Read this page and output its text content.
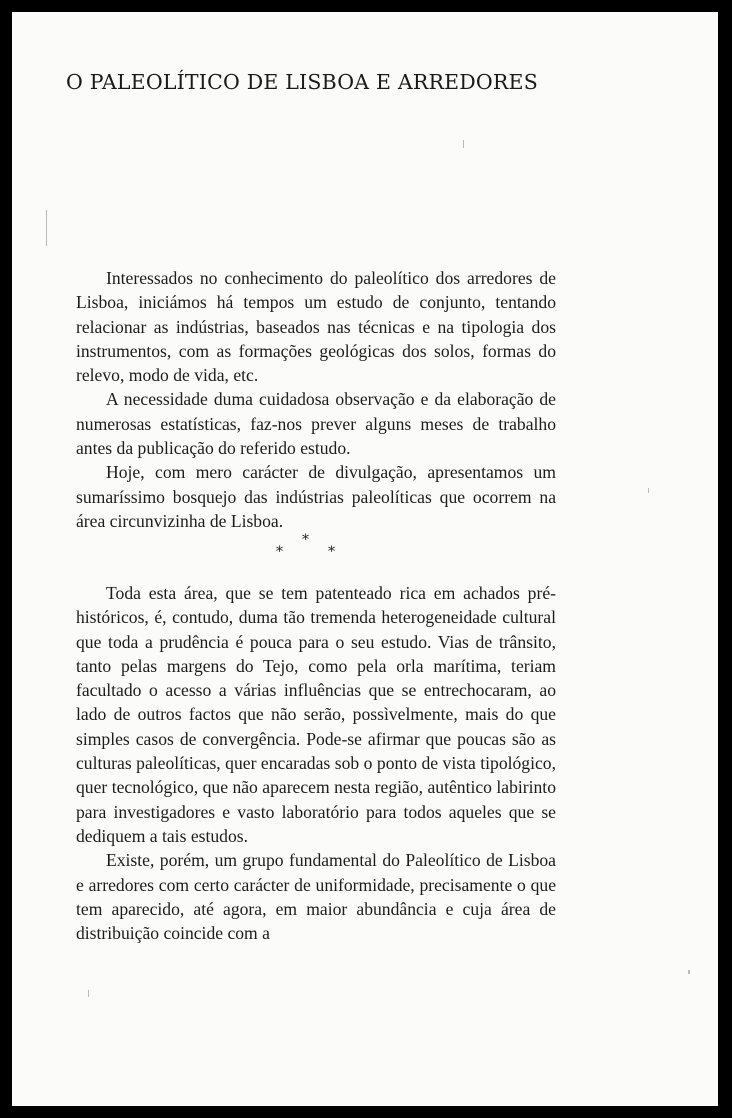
O PALEOLÍTICO DE LISBOA E ARREDORES

Interessados no conhecimento do paleolítico dos arredores de Lisboa, iniciámos há tempos um estudo de conjunto, tentando relacionar as indústrias, baseados nas técnicas e na tipologia dos instrumentos, com as formações geológicas dos solos, formas do relevo, modo de vida, etc.

A necessidade duma cuidadosa observação e da elaboração de numerosas estatísticas, faz-nos prever alguns meses de trabalho antes da publicação do referido estudo.

Hoje, com mero carácter de divulgação, apresentamos um sumaríssimo bosquejo das indústrias paleolíticas que ocorrem na área circunvizinha de Lisboa.

*
*
*

Toda esta área, que se tem patenteado rica em achados pré-históricos, é, contudo, duma tão tremenda heterogeneidade cultural que toda a prudência é pouca para o seu estudo. Vias de trânsito, tanto pelas margens do Tejo, como pela orla marítima, teriam facultado o acesso a várias influências que se entrechocaram, ao lado de outros factos que não serão, possìvelmente, mais do que simples casos de convergência. Pode-se afirmar que poucas são as culturas paleolíticas, quer encaradas sob o ponto de vista tipológico, quer tecnológico, que não aparecem nesta região, autêntico labirinto para investigadores e vasto laboratório para todos aqueles que se dediquem a tais estudos.

Existe, porém, um grupo fundamental do Paleolítico de Lisboa e arredores com certo carácter de uniformidade, precisamente o que tem aparecido, até agora, em maior abundância e cuja área de distribuição coincide com a
